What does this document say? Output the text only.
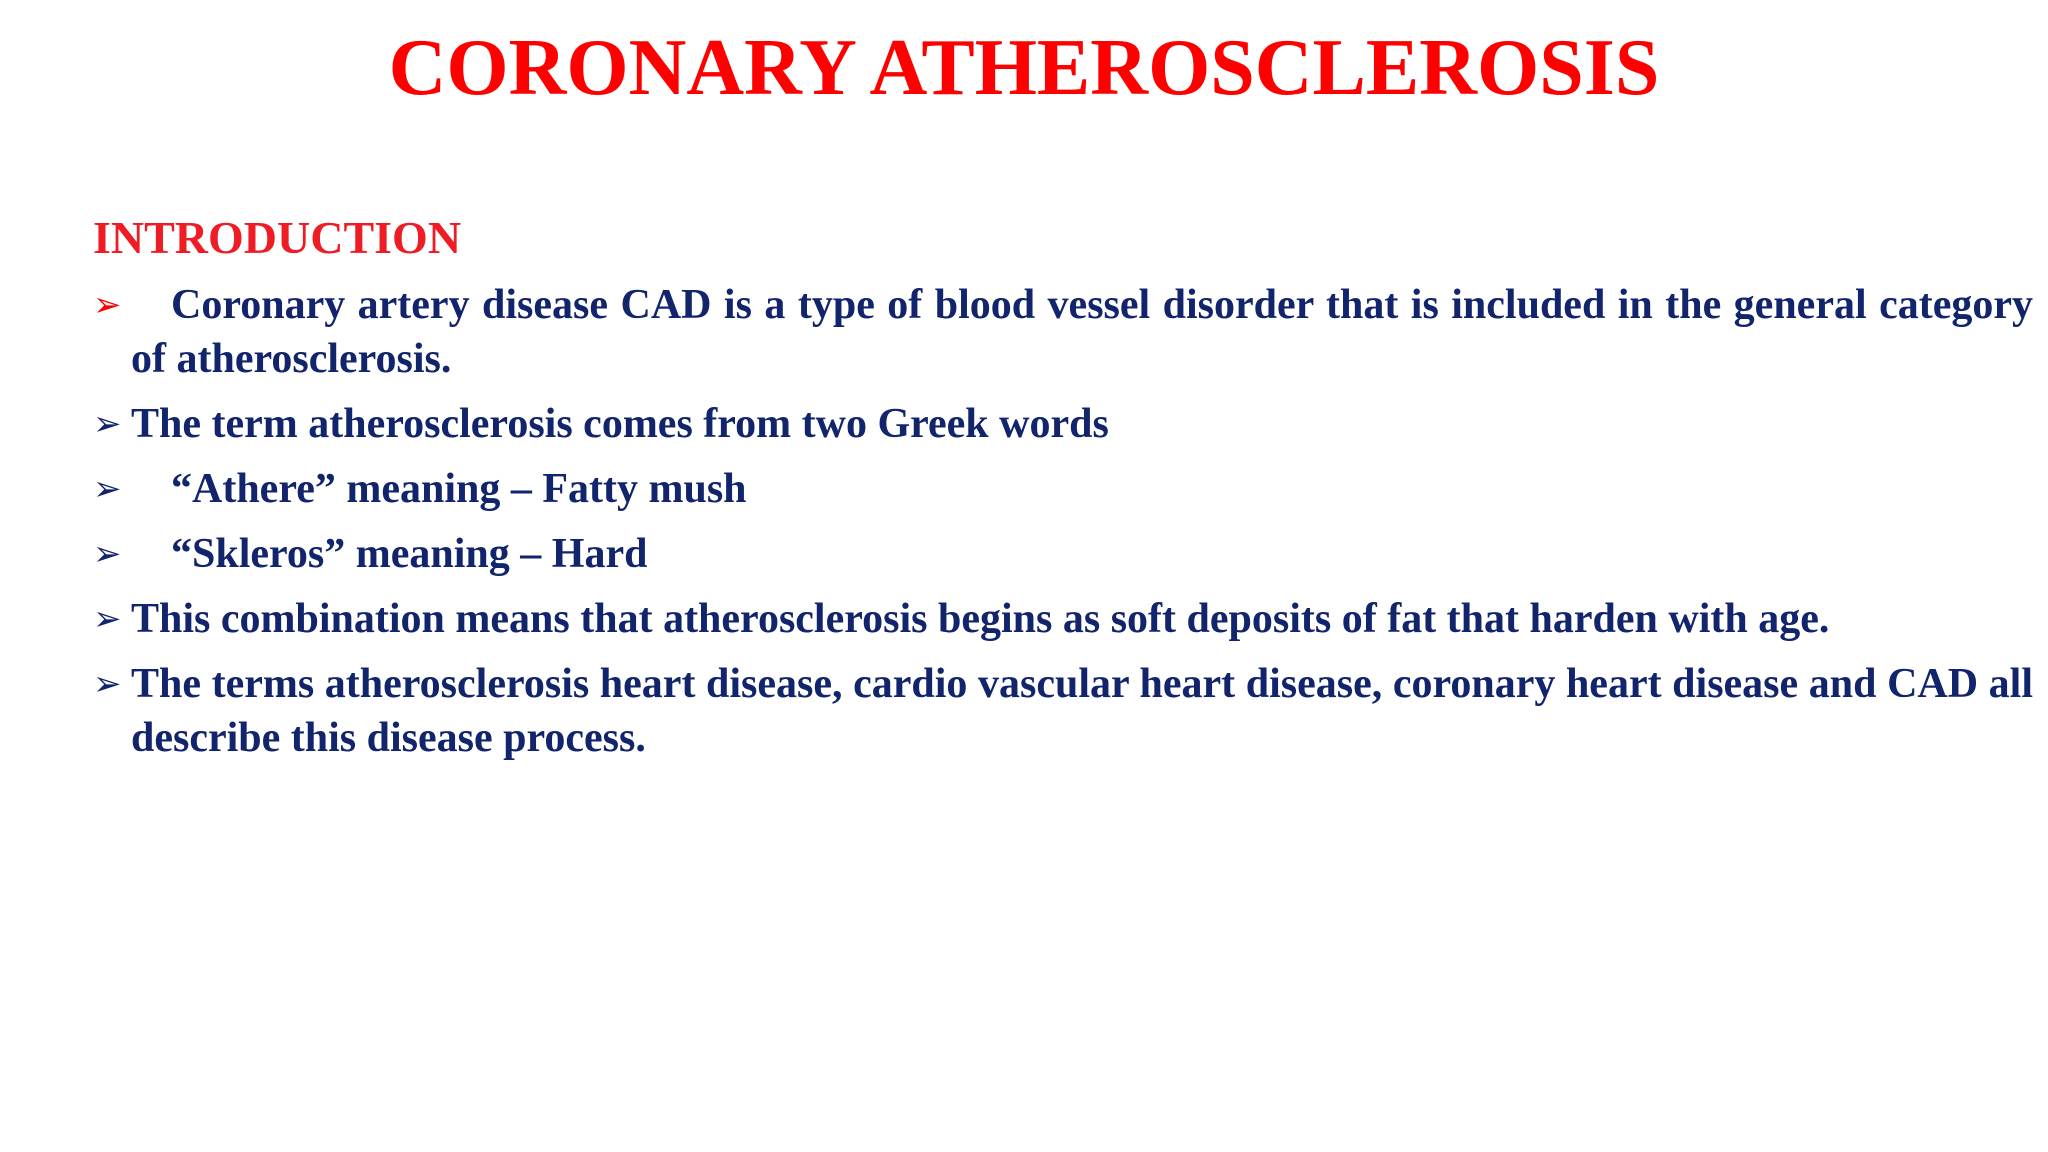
CORONARY ATHEROSCLEROSIS
INTRODUCTION
➢	Coronary artery disease CAD is a type of blood vessel disorder that is included in the general category of atherosclerosis.
➢ The term atherosclerosis comes from two Greek words
➢ “Athere” meaning – Fatty mush
➢ “Skleros” meaning – Hard
➢ This combination means that atherosclerosis begins as soft deposits of fat that harden with age.
➢ The terms atherosclerosis heart disease, cardio vascular heart disease, coronary heart disease and CAD all describe this disease process.
